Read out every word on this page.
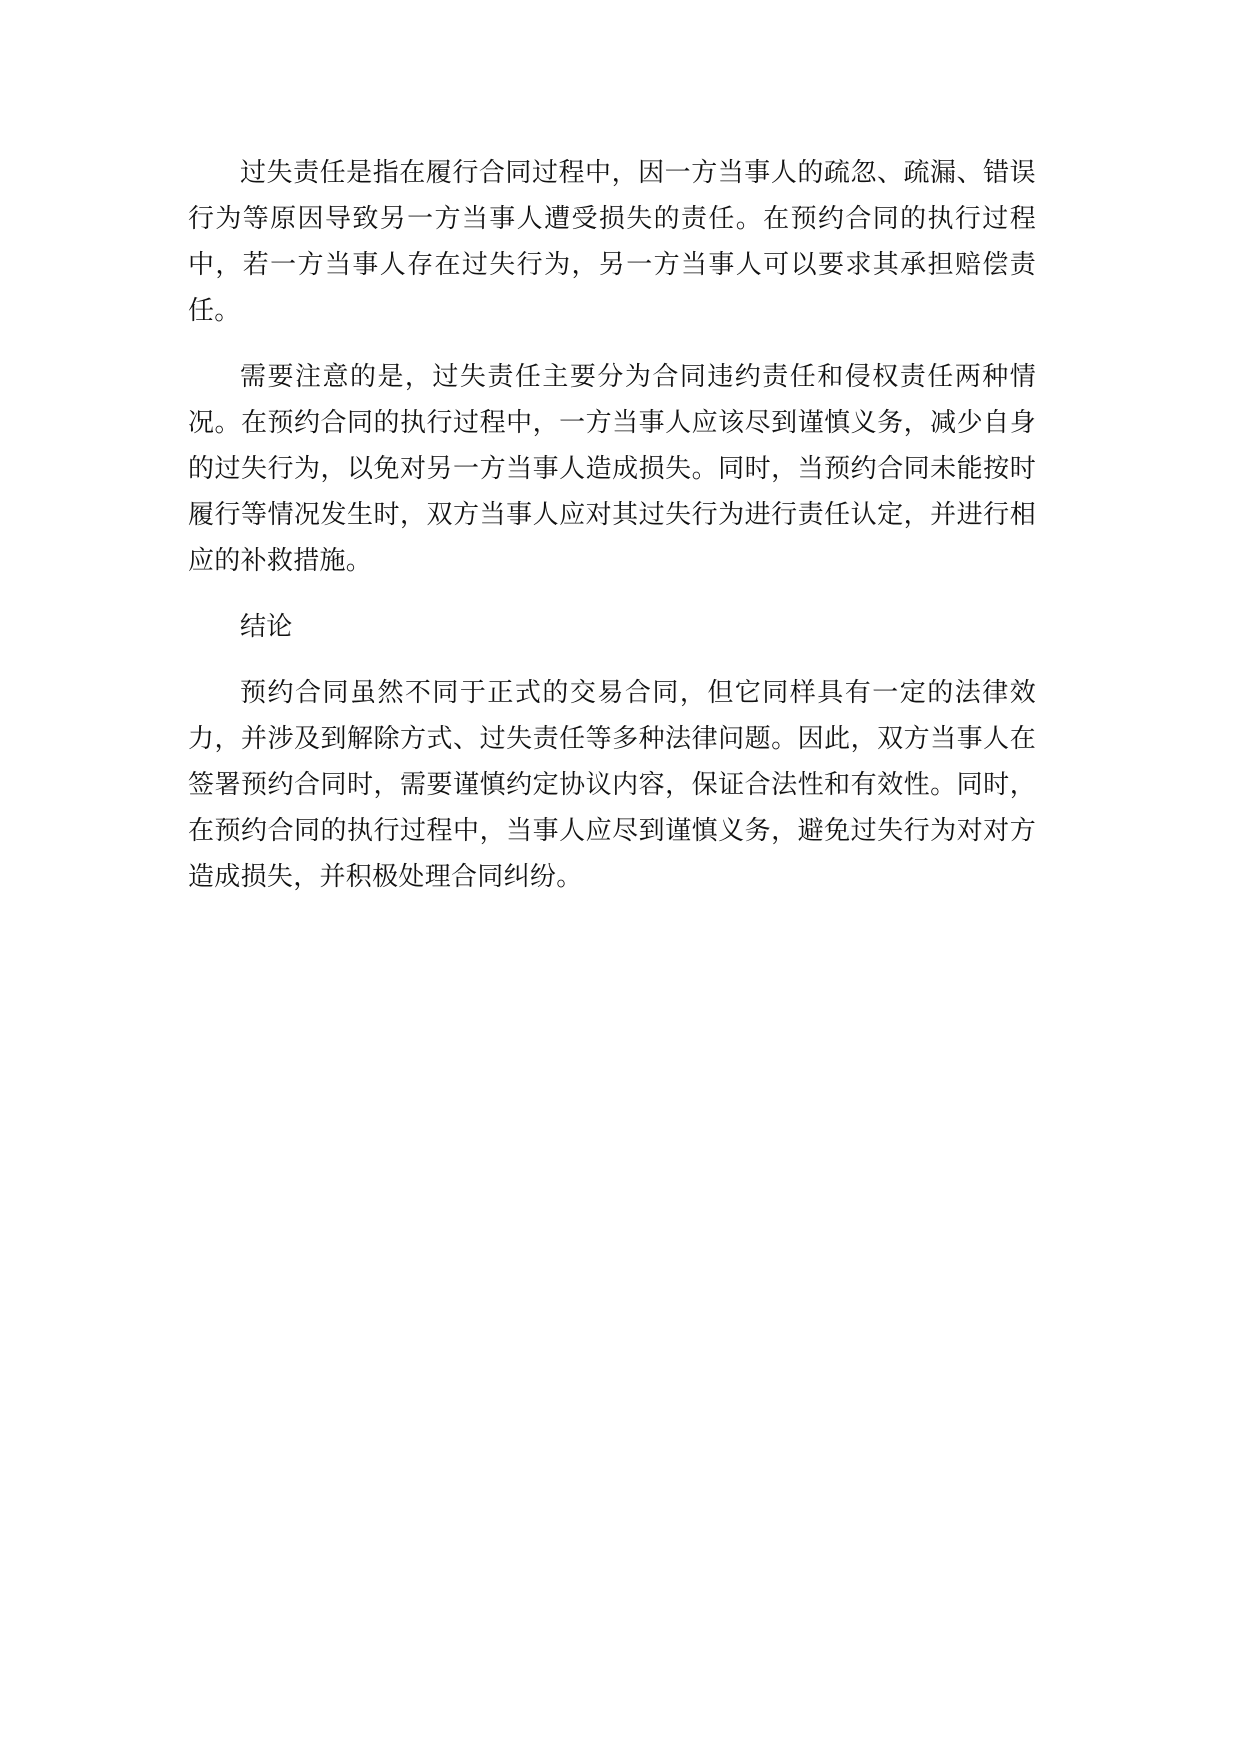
过失责任是指在履行合同过程中，因一方当事人的疏忽、疏漏、错误行为等原因导致另一方当事人遭受损失的责任。在预约合同的执行过程中，若一方当事人存在过失行为，另一方当事人可以要求其承担赔偿责任。

需要注意的是，过失责任主要分为合同违约责任和侵权责任两种情况。在预约合同的执行过程中，一方当事人应该尽到谨慎义务，减少自身的过失行为，以免对另一方当事人造成损失。同时，当预约合同未能按时履行等情况发生时，双方当事人应对其过失行为进行责任认定，并进行相应的补救措施。

结论

预约合同虽然不同于正式的交易合同，但它同样具有一定的法律效力，并涉及到解除方式、过失责任等多种法律问题。因此，双方当事人在签署预约合同时，需要谨慎约定协议内容，保证合法性和有效性。同时，在预约合同的执行过程中，当事人应尽到谨慎义务，避免过失行为对对方造成损失，并积极处理合同纠纷。
